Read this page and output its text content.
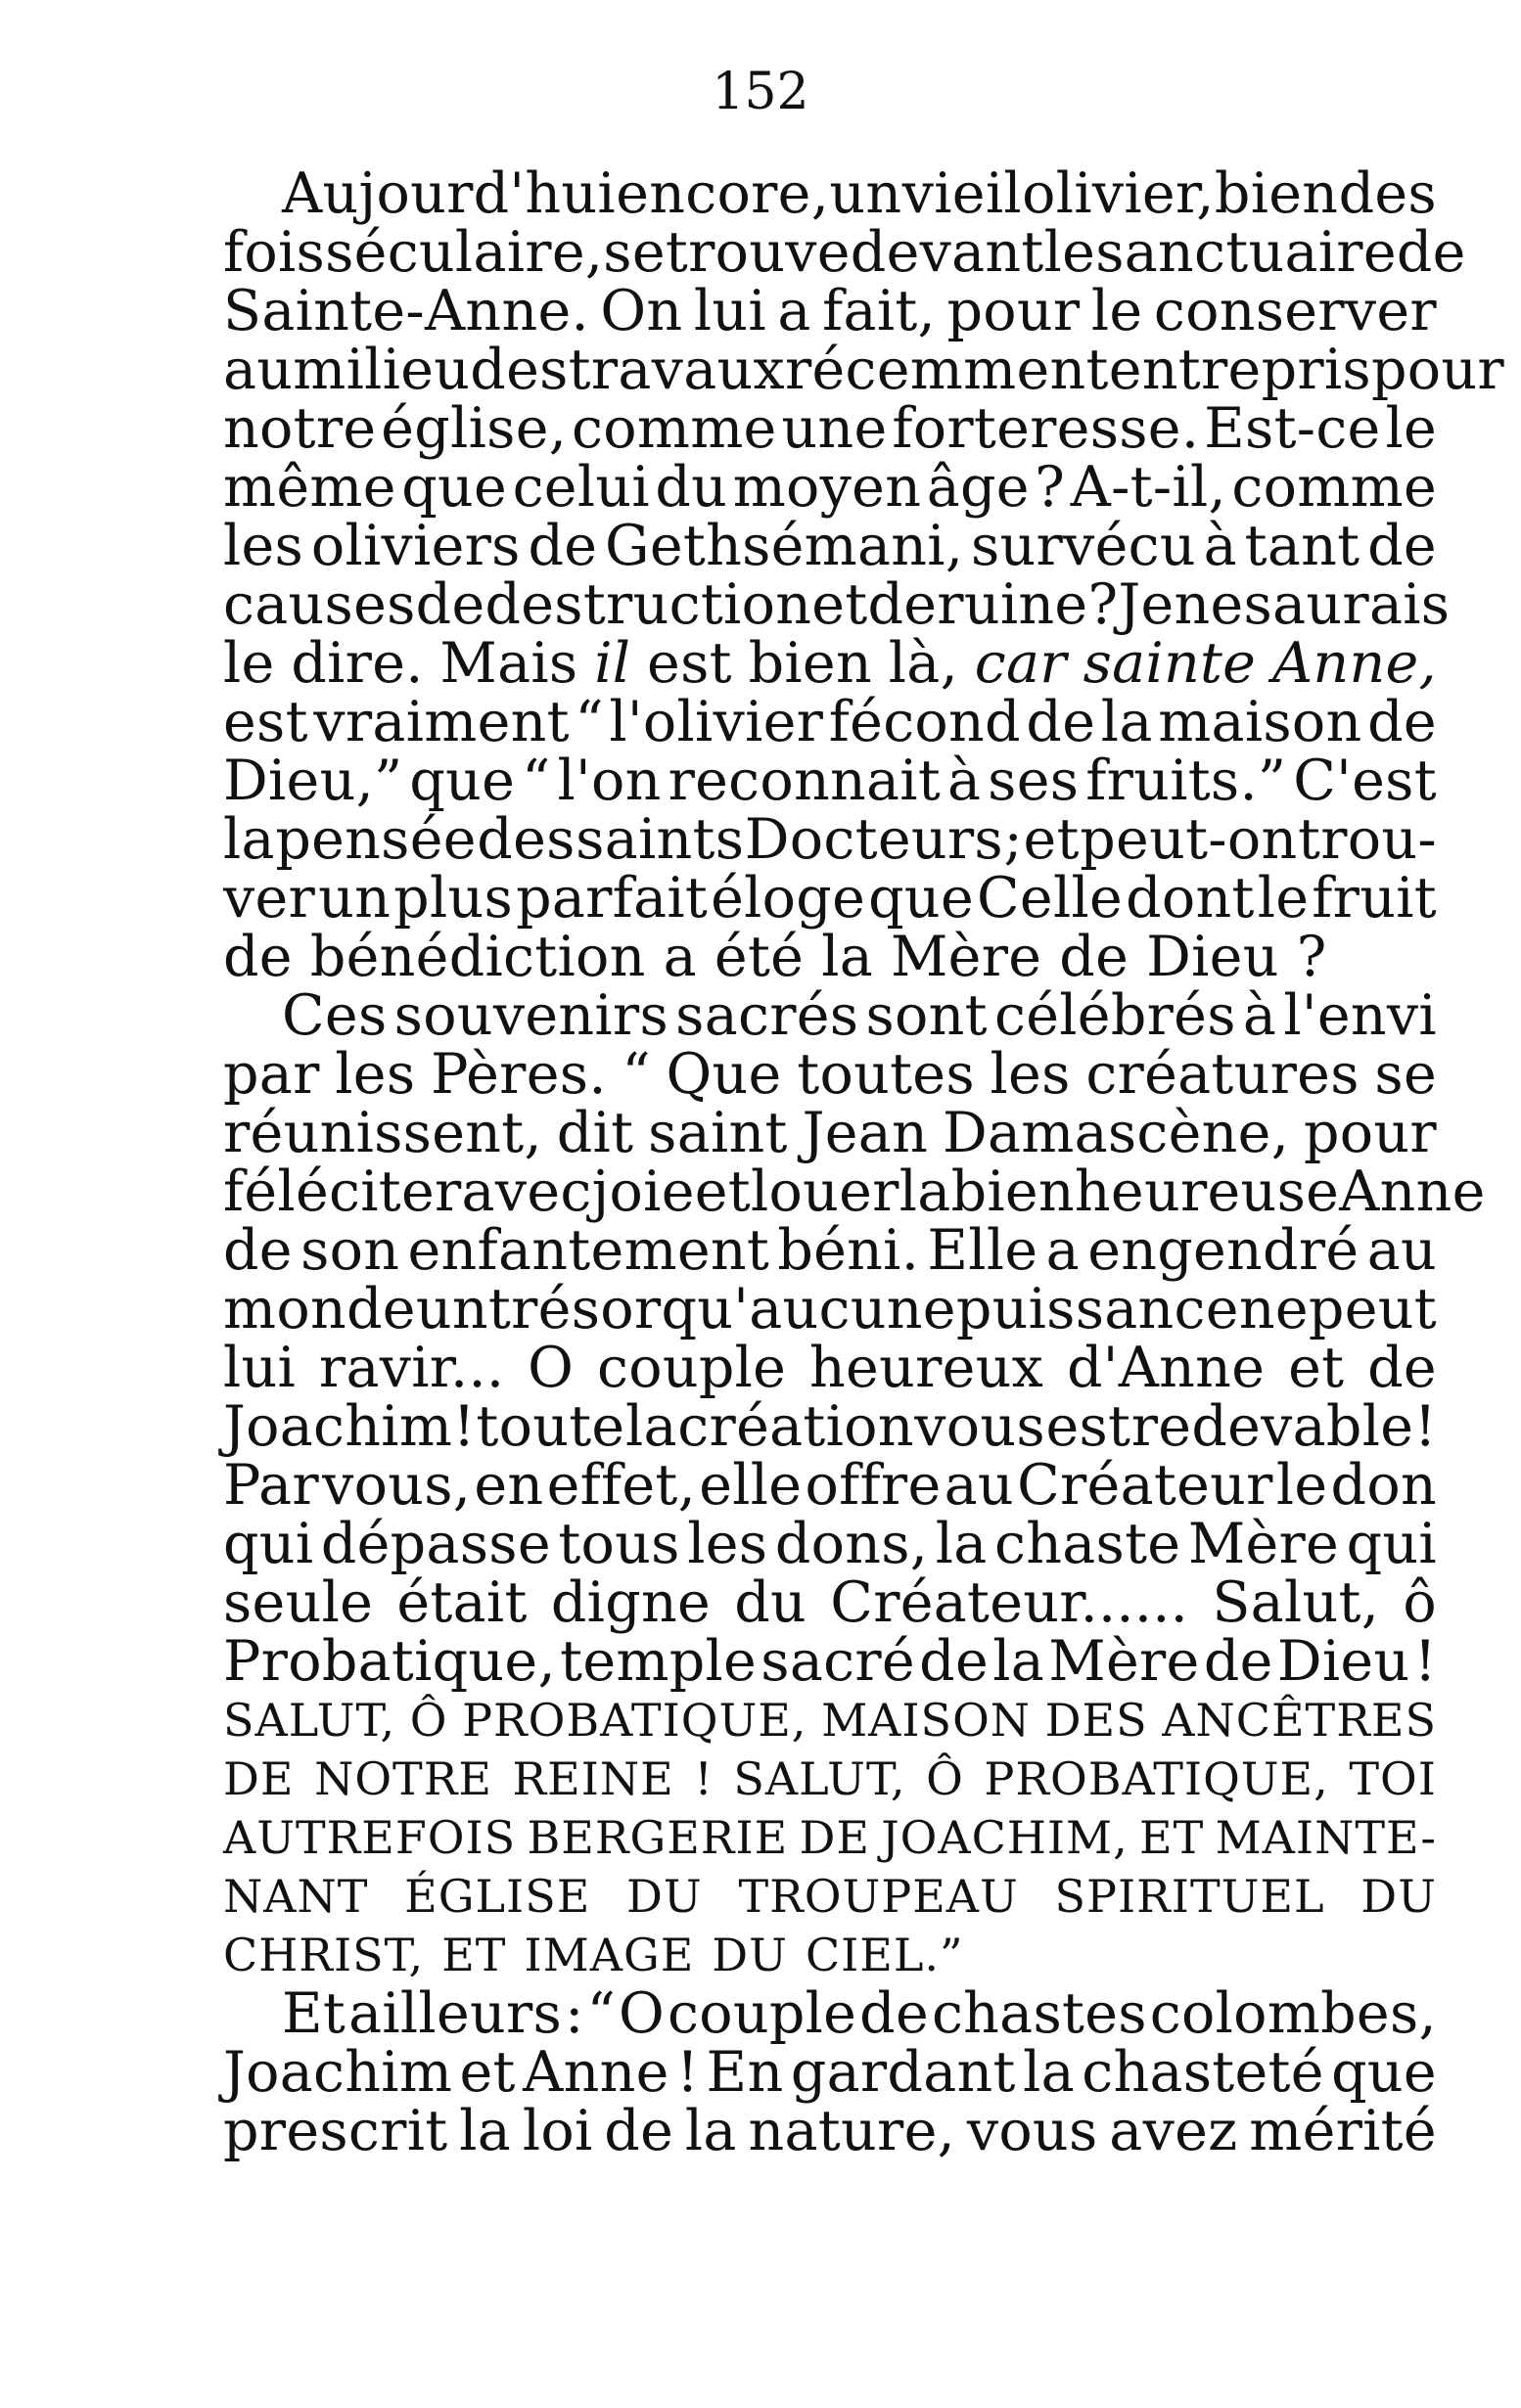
152
Aujourd'hui encore, un vieil olivier, bien des
fois séculaire, se trouve devant le sanctuaire de
Sainte-Anne. On lui a fait, pour le conserver
au milieu des travaux récemment entrepris pour
notre église, comme une forteresse. Est-ce le
même que celui du moyen âge ? A-t-il, comme
les oliviers de Gethsémani, survécu à tant de
causes de destruction et de ruine ? Je ne saurais
le dire. Mais il est bien là, car sainte Anne,
est vraiment “ l'olivier fécond de la maison de
Dieu,” que “ l'on reconnait à ses fruits.” C'est
la pensée des saints Docteurs ; et peut-on trou-
ver un plus parfait éloge que Celle dont le fruit
de bénédiction a été la Mère de Dieu ?
Ces souvenirs sacrés sont célébrés à l'envi
par les Pères. “ Que toutes les créatures se
réunissent, dit saint Jean Damascène, pour
féléciter avec joie et louer la bienheureuse Anne
de son enfantement béni. Elle a engendré au
monde un trésor qu'aucune puissance ne peut
lui ravir... O couple heureux d'Anne et de
Joachim ! toute la création vous est redevable !
Par vous, en effet, elle offre au Créateur le don
qui dépasse tous les dons, la chaste Mère qui
seule était digne du Créateur...... Salut, ô
Probatique, temple sacré de la Mère de Dieu !
SALUT, Ô PROBATIQUE, MAISON DES ANCÊTRES
DE NOTRE REINE ! SALUT, Ô PROBATIQUE, TOI
AUTREFOIS BERGERIE DE JOACHIM, ET MAINTE-
NANT ÉGLISE DU TROUPEAU SPIRITUEL DU
CHRIST, ET IMAGE DU CIEL.”
Et ailleurs : “ O couple de chastes colombes,
Joachim et Anne ! En gardant la chasteté que
prescrit la loi de la nature, vous avez mérité
